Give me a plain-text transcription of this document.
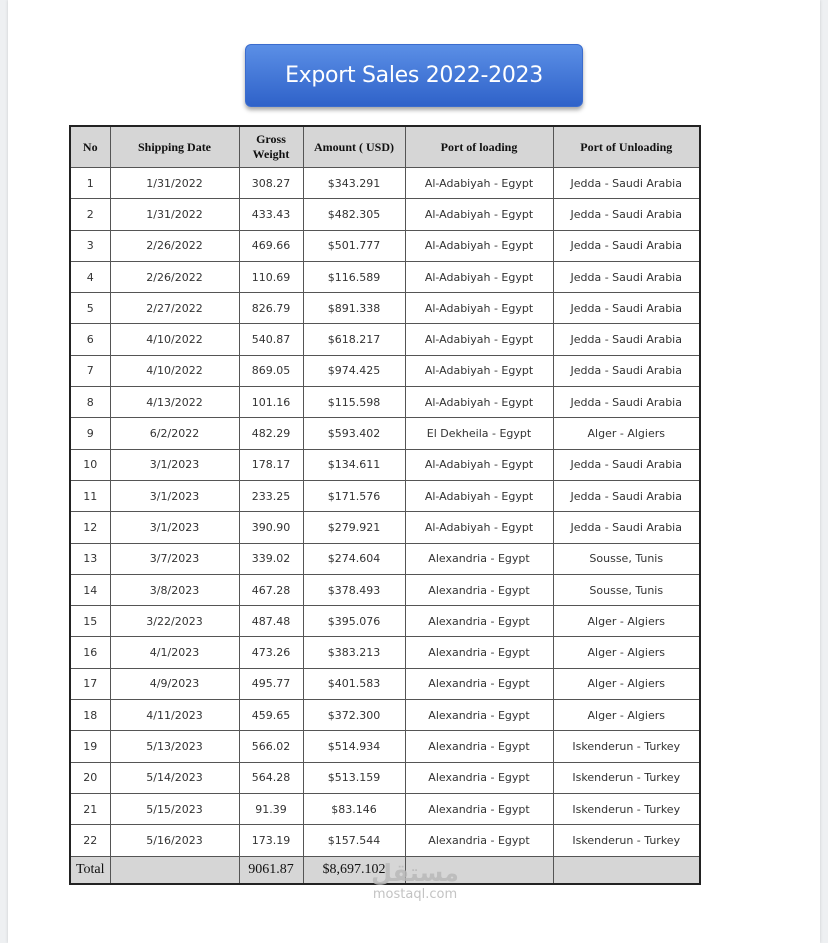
Export Sales 2022-2023
No	Shipping Date	Gross Weight	Amount ( USD)	Port of loading	Port of Unloading
1	1/31/2022	308.27	$343.291	Al-Adabiyah - Egypt	Jedda - Saudi Arabia
2	1/31/2022	433.43	$482.305	Al-Adabiyah - Egypt	Jedda - Saudi Arabia
3	2/26/2022	469.66	$501.777	Al-Adabiyah - Egypt	Jedda - Saudi Arabia
4	2/26/2022	110.69	$116.589	Al-Adabiyah - Egypt	Jedda - Saudi Arabia
5	2/27/2022	826.79	$891.338	Al-Adabiyah - Egypt	Jedda - Saudi Arabia
6	4/10/2022	540.87	$618.217	Al-Adabiyah - Egypt	Jedda - Saudi Arabia
7	4/10/2022	869.05	$974.425	Al-Adabiyah - Egypt	Jedda - Saudi Arabia
8	4/13/2022	101.16	$115.598	Al-Adabiyah - Egypt	Jedda - Saudi Arabia
9	6/2/2022	482.29	$593.402	El Dekheila - Egypt	Alger - Algiers
10	3/1/2023	178.17	$134.611	Al-Adabiyah - Egypt	Jedda - Saudi Arabia
11	3/1/2023	233.25	$171.576	Al-Adabiyah - Egypt	Jedda - Saudi Arabia
12	3/1/2023	390.90	$279.921	Al-Adabiyah - Egypt	Jedda - Saudi Arabia
13	3/7/2023	339.02	$274.604	Alexandria - Egypt	Sousse, Tunis
14	3/8/2023	467.28	$378.493	Alexandria - Egypt	Sousse, Tunis
15	3/22/2023	487.48	$395.076	Alexandria - Egypt	Alger - Algiers
16	4/1/2023	473.26	$383.213	Alexandria - Egypt	Alger - Algiers
17	4/9/2023	495.77	$401.583	Alexandria - Egypt	Alger - Algiers
18	4/11/2023	459.65	$372.300	Alexandria - Egypt	Alger - Algiers
19	5/13/2023	566.02	$514.934	Alexandria - Egypt	Iskenderun - Turkey
20	5/14/2023	564.28	$513.159	Alexandria - Egypt	Iskenderun - Turkey
21	5/15/2023	91.39	$83.146	Alexandria - Egypt	Iskenderun - Turkey
22	5/16/2023	173.19	$157.544	Alexandria - Egypt	Iskenderun - Turkey
Total		9061.87	$8,697.102		
مستقل
mostaql.com
